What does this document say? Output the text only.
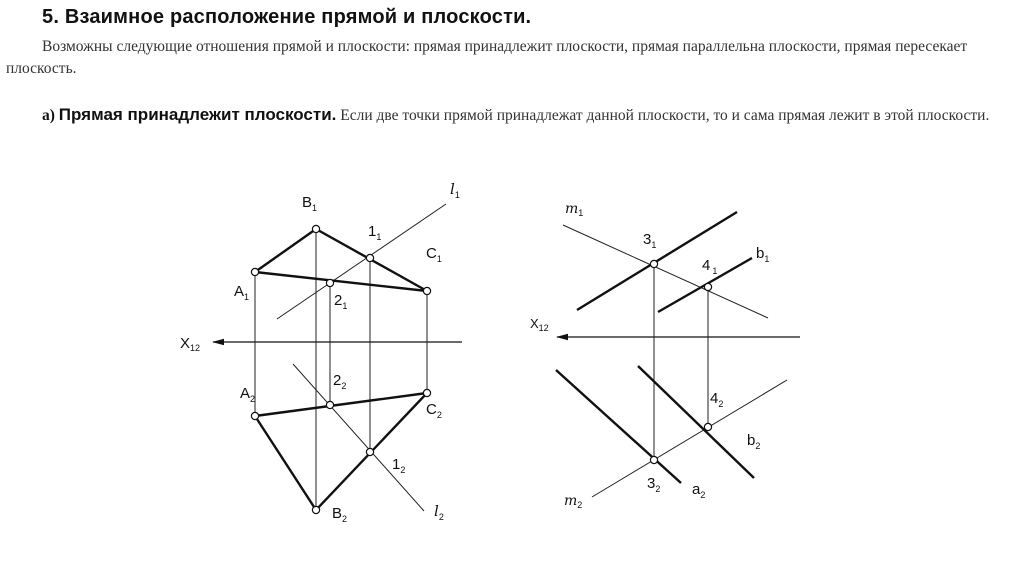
5. Взаимное расположение прямой и плоскости.
Возможны следующие отношения прямой и плоскости: прямая принадлежит плоскости, прямая параллельна плоскости, прямая пересекает плоскость.
а) Прямая принадлежит плоскости. Если две точки прямой принадлежат данной плоскости, то и сама прямая лежит в этой плоскости.
X12
$B_1$
$A_1$
$C_1$
$1_1$
$2_1$
$l_1$
$A_2$
$B_2$
$C_2$
$2_2$
$1_2$
$l_2$
X12
m1
$3_1$
4 $_1$
$b_1$
$4_2$
$b_2$
$3_2$ $a_2$
m2
